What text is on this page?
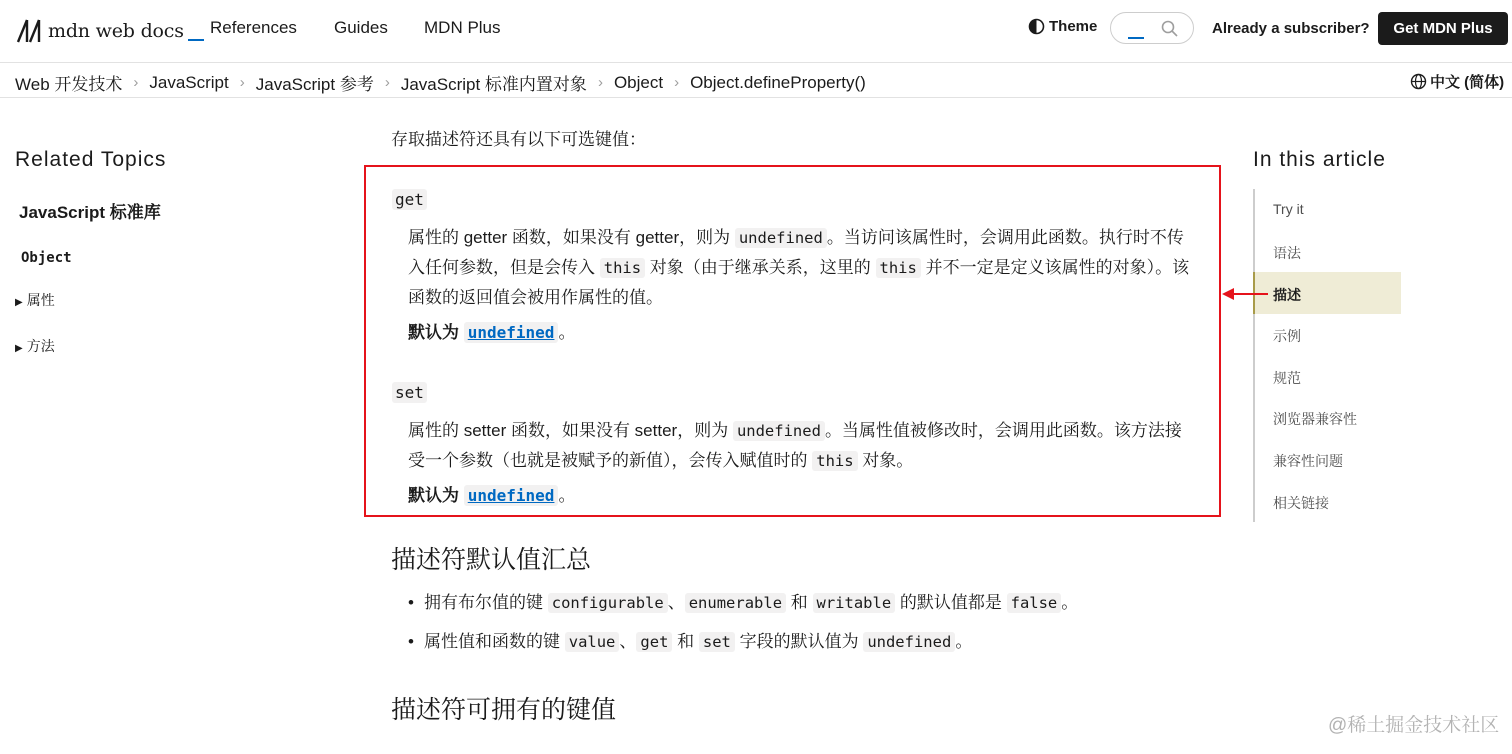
mdn web docs References Guides MDN Plus	Theme	Already a subscriber?	Get MDN Plus
Web 开发技术 › JavaScript › JavaScript 参考 › JavaScript 标准内置对象 › Object › Object.defineProperty()	中文 (简体)
Related Topics
JavaScript 标准库
Object
▶ 属性
▶ 方法
存取描述符还具有以下可选键值：
get
属性的 getter 函数，如果没有 getter，则为 undefined 。当访问该属性时，会调用此函数。执行时不传
入任何参数，但是会传入 this 对象（由于继承关系，这里的 this 并不一定是定义该属性的对象）。该
函数的返回值会被用作属性的值。
默认为 undefined 。
set
属性的 setter 函数，如果没有 setter，则为 undefined 。当属性值被修改时，会调用此函数。该方法接
受一个参数（也就是被赋予的新值），会传入赋值时的 this 对象。
默认为 undefined 。
描述符默认值汇总
• 拥有布尔值的键 configurable 、 enumerable 和 writable 的默认值都是 false 。
• 属性值和函数的键 value 、 get 和 set 字段的默认值为 undefined 。
描述符可拥有的键值
In this article
Try it
语法
描述
示例
规范
浏览器兼容性
兼容性问题
相关链接
@稀土掘金技术社区
